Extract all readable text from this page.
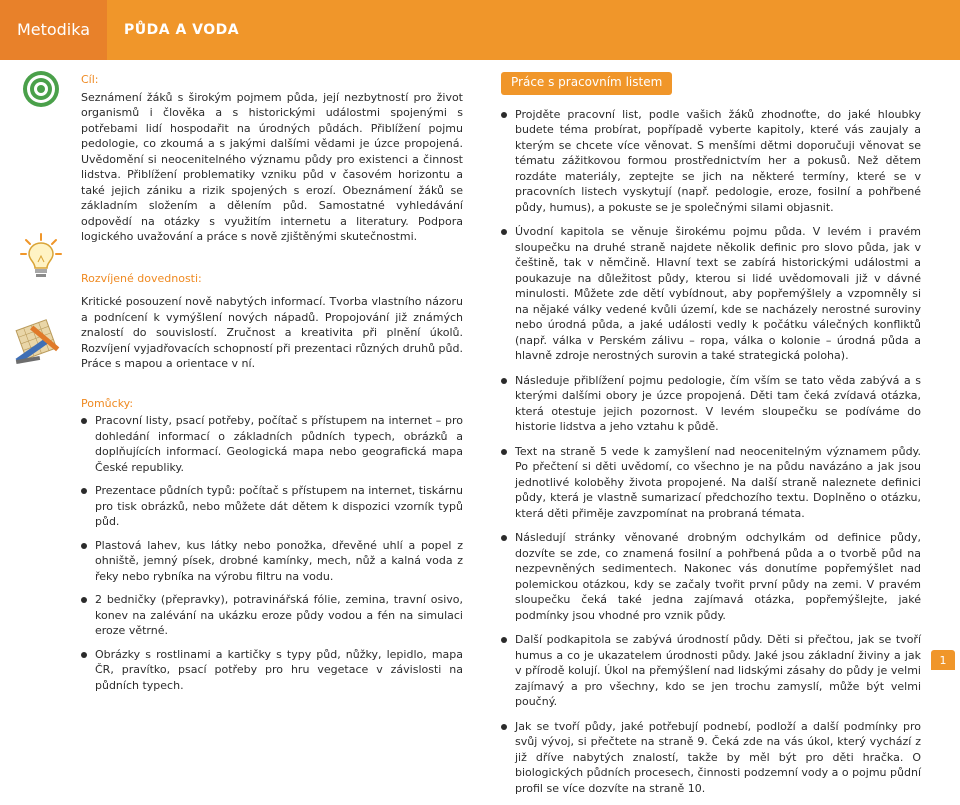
Metodika	PŮDA A VODA
Cíl:

Seznámení žáků s širokým pojmem půda, její nezbytností pro život organismů i člověka a s historickými událostmi spojenými s potřebami lidí hospodařit na úrodných půdách. Přiblížení pojmu pedologie, co zkoumá a s jakými dalšími vědami je úzce propojená. Uvědomění si neocenitelného významu půdy pro existenci a činnost lidstva. Přiblížení problematiky vzniku půd v časovém horizontu a také jejich zániku a rizik spojených s erozí. Obeznámení žáků se základním složením a dělením půd. Samostatné vyhledávání odpovědí na otázky s využitím internetu a literatury. Podpora logického uvažování a práce s nově zjištěnými skutečnostmi.

Rozvíjené dovednosti:

Kritické posouzení nově nabytých informací. Tvorba vlastního názoru a podnícení k vymýšlení nových nápadů. Propojování již známých znalostí do souvislostí. Zručnost a kreativita při plnění úkolů. Rozvíjení vyjadřovacích schopností při prezentaci různých druhů půd. Práce s mapou a orientace v ní.

Pomůcky:
Pracovní listy, psací potřeby, počítač s přístupem na internet – pro dohledání informací o základních půdních typech, obrázků a doplňujících informací. Geologická mapa nebo geografická mapa České republiky.
Prezentace půdních typů: počítač s přístupem na internet, tiskárnu pro tisk obrázků, nebo můžete dát dětem k dispozici vzorník typů půd.
Plastová lahev, kus látky nebo ponožka, dřevěné uhlí a popel z ohniště, jemný písek, drobné kamínky, mech, nůž a kalná voda z řeky nebo rybníka na výrobu filtru na vodu.
2 bedničky (přepravky), potravinářská fólie, zemina, travní osivo, konev na zalévání na ukázku eroze půdy vodou a fén na simulaci eroze větrné.
Obrázky s rostlinami a kartičky s typy půd, nůžky, lepidlo, mapa ČR, pravítko, psací potřeby pro hru vegetace v závislosti na půdních typech.
Práce s pracovním listem
Projděte pracovní list, podle vašich žáků zhodnoťte, do jaké hloubky budete téma probírat, popřípadě vyberte kapitoly, které vás zaujaly a kterým se chcete více věnovat. S menšími dětmi doporučuji věnovat se tématu zážitkovou formou prostřednictvím her a pokusů. Než dětem rozdáte materiály, zeptejte se jich na některé termíny, které se v pracovních listech vyskytují (např. pedologie, eroze, fosilní a pohřbené půdy, humus), a pokuste se je společnými silami objasnit.
Úvodní kapitola se věnuje širokému pojmu půda. V levém i pravém sloupečku na druhé straně najdete několik definic pro slovo půda, jak v češtině, tak v němčině. Hlavní text se zabírá historickými událostmi a poukazuje na důležitost půdy, kterou si lidé uvědomovali již v dávné minulosti. Můžete zde dětí vybídnout, aby popřemýšlely a vzpomněly si na nějaké války vedené kvůli území, kde se nacházely nerostné suroviny nebo úrodná půda, a jaké události vedly k počátku válečných konfliktů (např. válka v Perském zálivu – ropa, válka o kolonie – úrodná půda a hlavně zdroje nerostných surovin a také strategická poloha).
Následuje přiblížení pojmu pedologie, čím vším se tato věda zabývá a s kterými dalšími obory je úzce propojená. Děti tam čeká zvídavá otázka, která otestuje jejich pozornost. V levém sloupečku se podíváme do historie lidstva a jeho vztahu k půdě.
Text na straně 5 vede k zamyšlení nad neocenitelným významem půdy. Po přečtení si děti uvědomí, co všechno je na půdu navázáno a jak jsou jednotlivé koloběhy života propojené. Na další straně naleznete definici půdy, která je vlastně sumarizací předchozího textu. Doplněno o otázku, která děti přiměje zavzpomínat na probraná témata.
Následují stránky věnované drobným odchylkám od definice půdy, dozvíte se zde, co znamená fosilní a pohřbená půda a o tvorbě půd na nezpevněných sedimentech. Nakonec vás donutíme popřemýšlet nad polemickou otázkou, kdy se začaly tvořit první půdy na zemi. V pravém sloupečku čeká také jedna zajímavá otázka, popřemýšlejte, jaké podmínky jsou vhodné pro vznik půdy.
Další podkapitola se zabývá úrodností půdy. Děti si přečtou, jak se tvoří humus a co je ukazatelem úrodnosti půdy. Jaké jsou základní živiny a jak v přírodě kolují. Úkol na přemýšlení nad lidskými zásahy do půdy je velmi zajímavý a pro všechny, kdo se jen trochu zamyslí, může být velmi poučný.
Jak se tvoří půdy, jaké potřebují podnebí, podloží a další podmínky pro svůj vývoj, si přečtete na straně 9. Čeká zde na vás úkol, který vychází z již dříve nabytých znalostí, takže by měl být pro děti hračka. O biologických půdních procesech, činnosti podzemní vody a o pojmu půdní profil se více dozvíte na straně 10.
1
